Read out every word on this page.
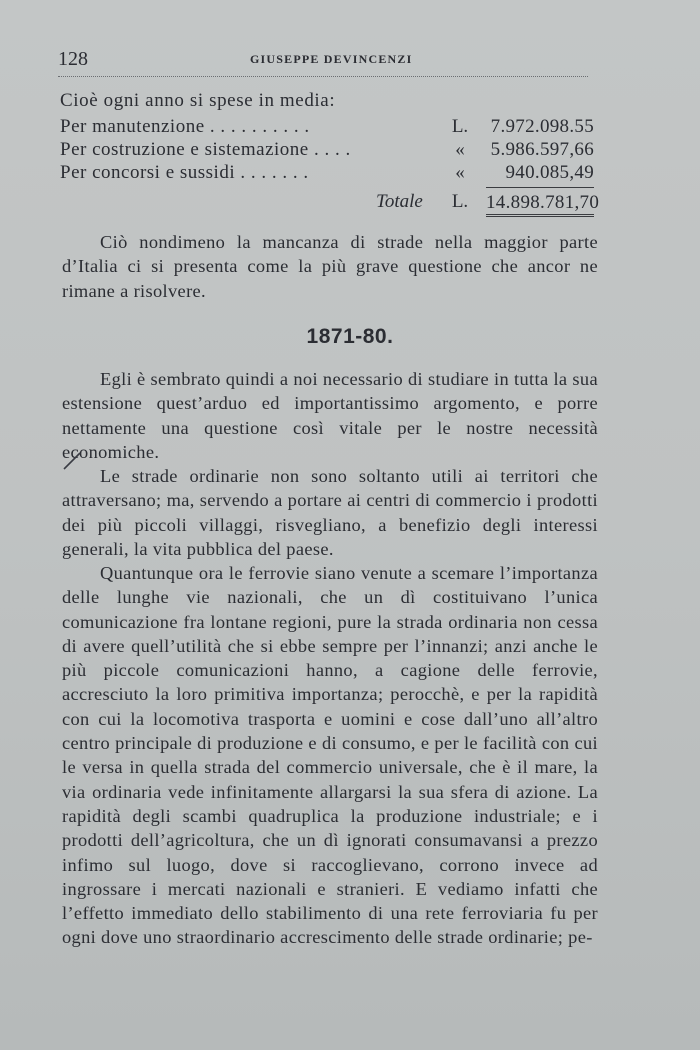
128	GIUSEPPE DEVINCENZI
Cioè ogni anno si spese in media:
Per manutenzione . . . . . . . . . .	L. 7.972.098.55
Per costruzione e sistemazione . . . .	«	5.986.597,66
Per concorsi e sussidi . . . . . . .	«	940.085,49
Totale L. 14.898.781,70

Ciò nondimeno la mancanza di strade nella maggior parte d’Italia ci si presenta come la più grave questione che ancor ne rimane a risolvere.

1871-80.

Egli è sembrato quindi a noi necessario di studiare in tutta la sua estensione quest’arduo ed importantissimo argomento, e porre nettamente una questione così vitale per le nostre necessità economiche.

Le strade ordinarie non sono soltanto utili ai territori che attraversano; ma, servendo a portare ai centri di commercio i prodotti dei più piccoli villaggi, risvegliano, a benefizio degli interessi generali, la vita pubblica del paese.

Quantunque ora le ferrovie siano venute a scemare l’importanza delle lunghe vie nazionali, che un dì costituivano l’unica comunicazione fra lontane regioni, pure la strada ordinaria non cessa di avere quell’utilità che si ebbe sempre per l’innanzi; anzi anche le più piccole comunicazioni hanno, a cagione delle ferrovie, accresciuto la loro primitiva importanza; perocchè, e per la rapidità con cui la locomotiva trasporta e uomini e cose dall’uno all’altro centro principale di produzione e di consumo, e per le facilità con cui le versa in quella strada del commercio universale, che è il mare, la via ordinaria vede infinitamente allargarsi la sua sfera di azione. La rapidità degli scambi quadruplica la produzione industriale; e i prodotti dell’agricoltura, che un dì ignorati consumavansi a prezzo infimo sul luogo, dove si raccoglievano, corrono invece ad ingrossare i mercati nazionali e stranieri. E vediamo infatti che l’effetto immediato dello stabilimento di una rete ferroviaria fu per ogni dove uno straordinario accrescimento delle strade ordinarie; pe-
